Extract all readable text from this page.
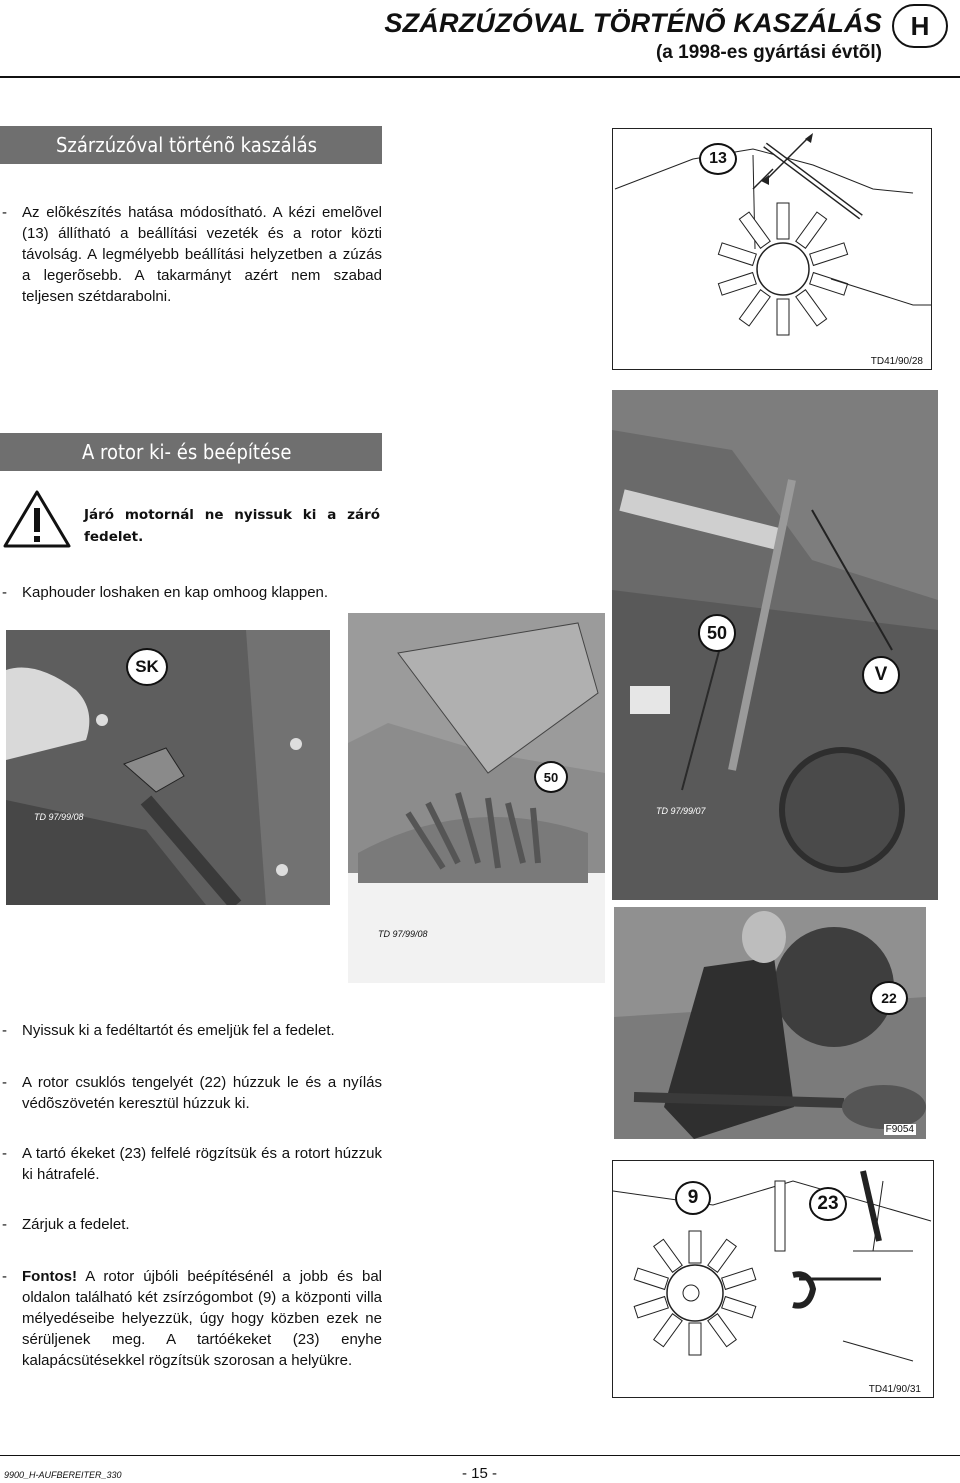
SZÁRZÚZÓVAL TÖRTÉNÕ KASZÁLÁS
(a 1998-es gyártási évtõl)
H
Szárzúzóval történõ kaszálás
- Az elõkészítés hatása módosítható. A kézi emelõvel (13) állítható a beállítási vezeték és a rotor közti távolság. A legmélyebb beállítási helyzetben a zúzás a legerõsebb. A takarmányt azért nem szabad teljesen szétdarabolni.
13
TD41/90/28
A rotor ki- és beépítése
Járó motornál ne nyissuk ki a záró fedelet.
- Kaphouder loshaken en kap omhoog klappen.
50
V
TD 97/99/07
SK
TD 97/99/08
50
TD 97/99/08
22
F9054
- Nyissuk ki a fedéltartót és emeljük fel a fedelet.
- A rotor csuklós tengelyét (22) húzzuk le és a nyílás védõszövetén keresztül húzzuk ki.
- A tartó ékeket (23) felfelé rögzítsük és a rotort húzzuk ki hátrafelé.
- Zárjuk a fedelet.
- Fontos! A rotor újbóli beépítésénél a jobb és bal oldalon található két zsírzógombot (9) a központi villa mélyedéseibe helyezzük, úgy hogy közben ezek ne sérüljenek meg. A tartóékeket (23) enyhe kalapácsütésekkel rögzítsük szorosan a helyükre.
9	23
TD41/90/31
9900_H-AUFBEREITER_330	- 15 -
